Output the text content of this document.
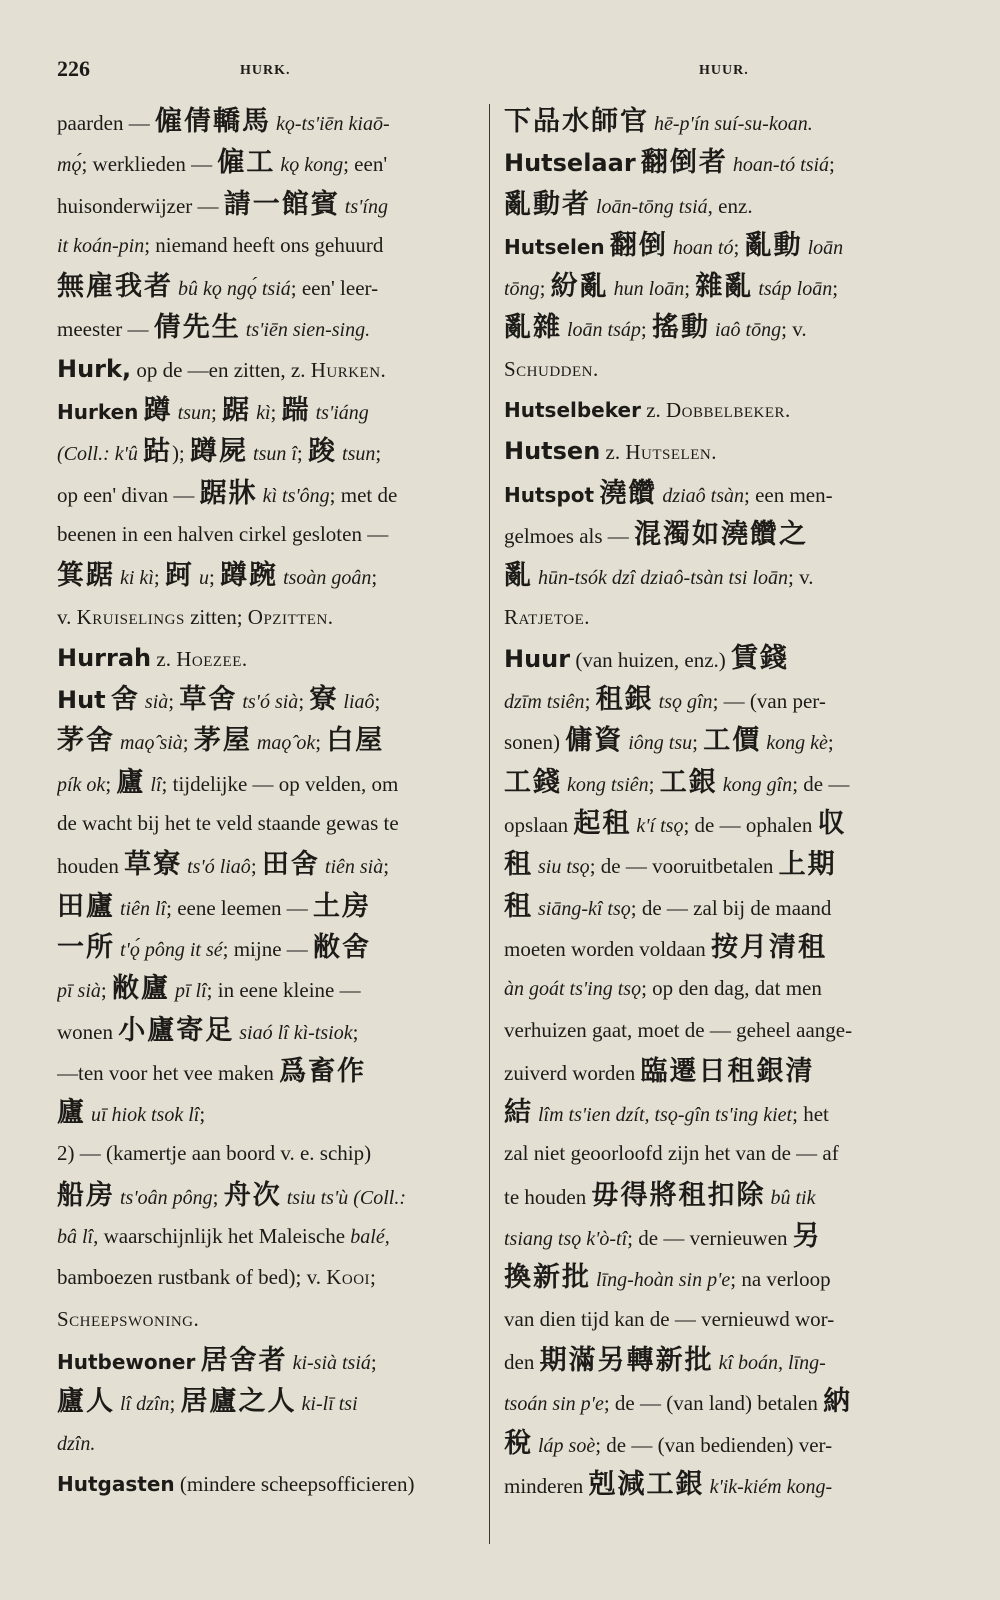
226	HURK.	HUUR.
paarden — 僱倩轎馬 kǫ-ts'iēn kiaō-
mǫ́; werklieden — 僱工 kǫ kong; een'
huisonderwijzer — 請一館賓 ts'íng
it koán-pin; niemand heeft ons gehuurd
無雇我者 bû kǫ ngǫ́ tsiá; een' leer-
meester — 倩先生 ts'iēn sien-sing.
Hurk, op de —en zitten, z. Hurken.
Hurken 蹲 tsun; 踞 kì; 踹 ts'iáng
(Coll.: k'û 跍); 蹲屍 tsun î; 踆 tsun;
op een' divan — 踞牀 kì ts'ông; met de
beenen in een halven cirkel gesloten —
箕踞 ki kì; 跒 u; 蹲踠 tsoàn goân;
v. Kruiselings zitten; Opzitten.
Hurrah z. Hoezee.
Hut 舍 sià; 草舍 ts'ó sià; 寮 liaô;
茅舍 maǫ̂ sià; 茅屋 maǫ̂ ok; 白屋
pík ok; 廬 lî; tijdelijke — op velden, om
de wacht bij het te veld staande gewas te
houden 草寮 ts'ó liaô; 田舍 tiên sià;
田廬 tiên lî; eene leemen — 土房
一所 t'ǫ́ pông it sé; mijne — 敝舍
pī sià; 敝廬 pī lî; in eene kleine —
wonen 小廬寄足 siaó lî kì-tsiok;
—ten voor het vee maken 爲畜作
廬 uī hiok tsok lî;
2) — (kamertje aan boord v. e. schip)
船房 ts'oân pông; 舟次 tsiu ts'ù (Coll.:
bâ lî, waarschijnlijk het Maleische balé,
bamboezen rustbank of bed); v. Kooi;
Scheepswoning.
Hutbewoner 居舍者 ki-sià tsiá;
廬人 lî dzîn; 居廬之人 ki-lī tsi
dzîn.
Hutgasten (mindere scheepsofficieren)
下品水師官 hē-p'ín suí-su-koan.
Hutselaar 翻倒者 hoan-tó tsiá;
亂動者 loān-tōng tsiá, enz.
Hutselen 翻倒 hoan tó; 亂動 loān
tōng; 紛亂 hun loān; 雜亂 tsáp loān;
亂雜 loān tsáp; 搖動 iaô tōng; v.
Schudden.
Hutselbeker z. Dobbelbeker.
Hutsen z. Hutselen.
Hutspot 澆饡 dziaô tsàn; een men-
gelmoes als — 混濁如澆饡之
亂 hūn-tsók dzî dziaô-tsàn tsi loān; v.
Ratjetoe.
Huur (van huizen, enz.) 賃錢
dzīm tsiên; 租銀 tsǫ gîn; — (van per-
sonen) 傭資 iông tsu; 工價 kong kè;
工錢 kong tsiên; 工銀 kong gîn; de —
opslaan 起租 k'í tsǫ; de — ophalen 収
租 siu tsǫ; de — vooruitbetalen 上期
租 siāng-kî tsǫ; de — zal bij de maand
moeten worden voldaan 按月清租
àn goát ts'ing tsǫ; op den dag, dat men
verhuizen gaat, moet de — geheel aange-
zuiverd worden 臨遷日租銀清
結 lîm ts'ien dzít, tsǫ-gîn ts'ing kiet; het
zal niet geoorloofd zijn het van de — af
te houden 毋得將租扣除 bû tik
tsiang tsǫ k'ò-tî; de — vernieuwen 另
換新批 līng-hoàn sin p'e; na verloop
van dien tijd kan de — vernieuwd wor-
den 期滿另轉新批 kî boán, līng-
tsoán sin p'e; de — (van land) betalen 納
稅 láp soè; de — (van bedienden) ver-
minderen 剋減工銀 k'ik-kiém kong-
